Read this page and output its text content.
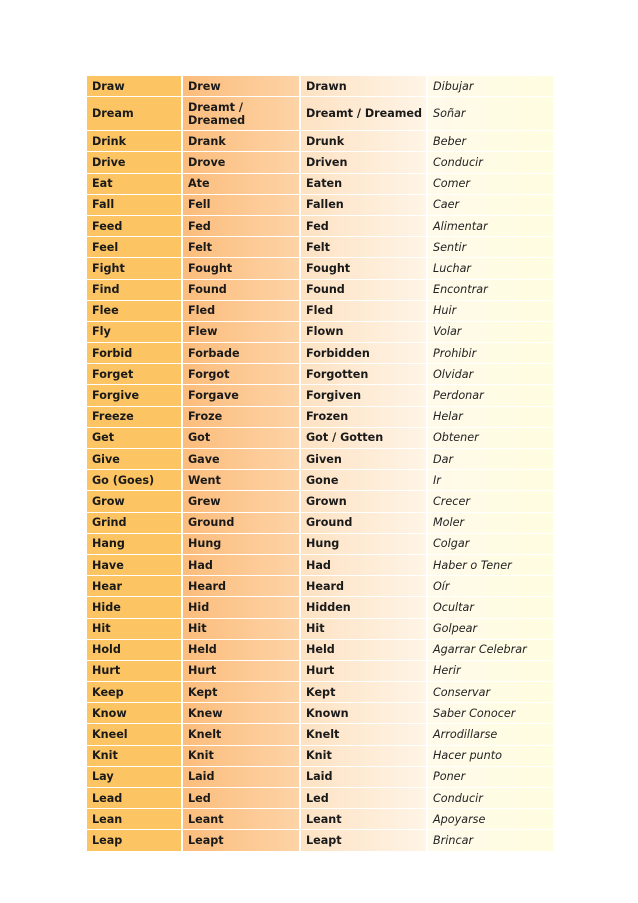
Draw	Drew	Drawn	Dibujar
Dream	Dreamt / Dreamed	Dreamt / Dreamed	Soñar
Drink	Drank	Drunk	Beber
Drive	Drove	Driven	Conducir
Eat	Ate	Eaten	Comer
Fall	Fell	Fallen	Caer
Feed	Fed	Fed	Alimentar
Feel	Felt	Felt	Sentir
Fight	Fought	Fought	Luchar
Find	Found	Found	Encontrar
Flee	Fled	Fled	Huir
Fly	Flew	Flown	Volar
Forbid	Forbade	Forbidden	Prohibir
Forget	Forgot	Forgotten	Olvidar
Forgive	Forgave	Forgiven	Perdonar
Freeze	Froze	Frozen	Helar
Get	Got	Got / Gotten	Obtener
Give	Gave	Given	Dar
Go (Goes)	Went	Gone	Ir
Grow	Grew	Grown	Crecer
Grind	Ground	Ground	Moler
Hang	Hung	Hung	Colgar
Have	Had	Had	Haber o Tener
Hear	Heard	Heard	Oír
Hide	Hid	Hidden	Ocultar
Hit	Hit	Hit	Golpear
Hold	Held	Held	Agarrar Celebrar
Hurt	Hurt	Hurt	Herir
Keep	Kept	Kept	Conservar
Know	Knew	Known	Saber Conocer
Kneel	Knelt	Knelt	Arrodillarse
Knit	Knit	Knit	Hacer punto
Lay	Laid	Laid	Poner
Lead	Led	Led	Conducir
Lean	Leant	Leant	Apoyarse
Leap	Leapt	Leapt	Brincar
